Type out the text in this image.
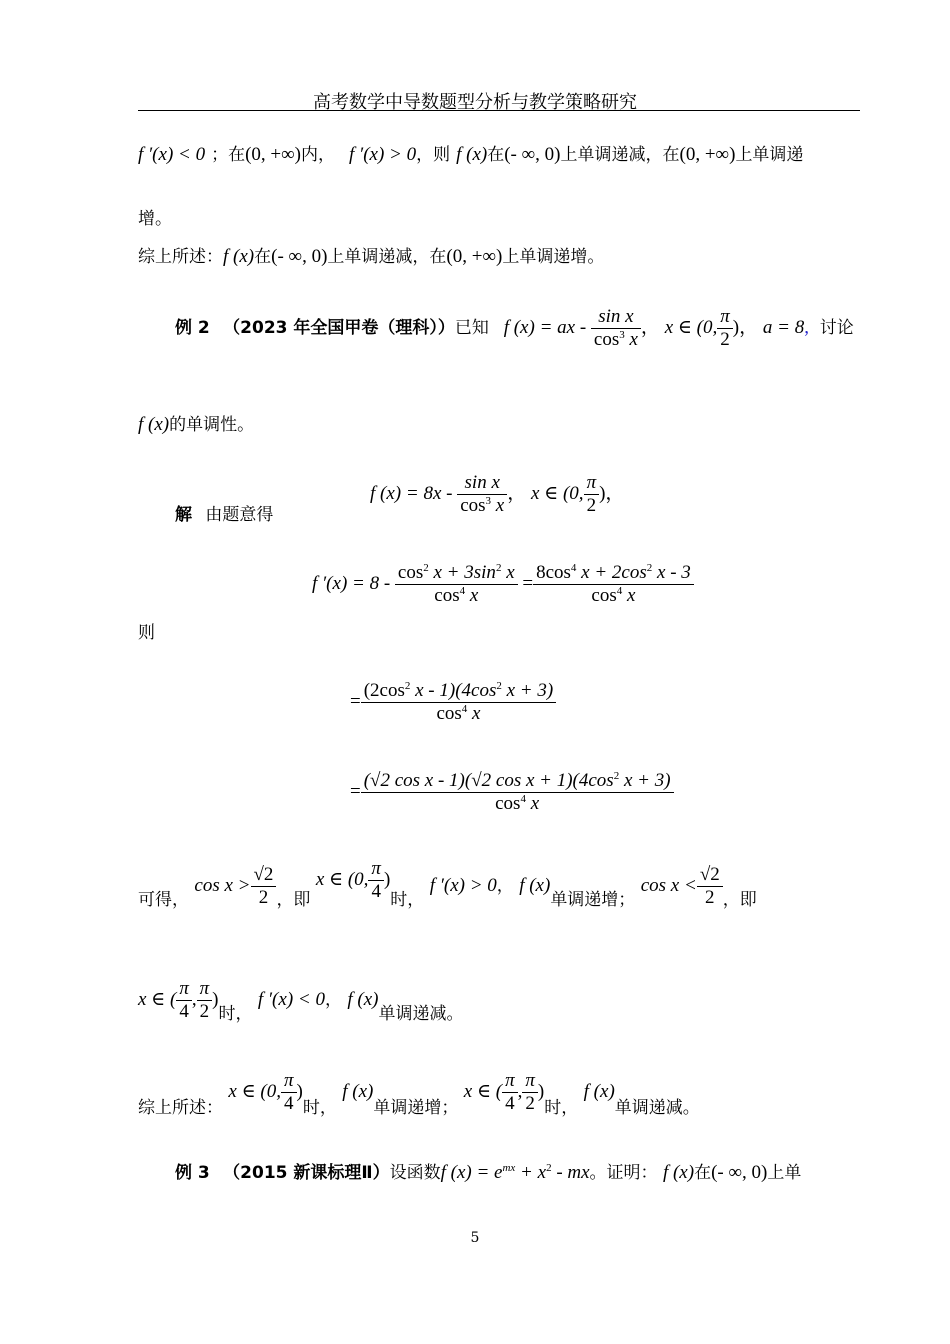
高考数学中导数题型分析与教学策略研究
f ′(x) < 0 ；在(0, +∞)内， f ′(x) > 0，则 f (x)在(- ∞, 0)上单调递减，在(0, +∞)上单调递
增。
综上所述：f (x)在(- ∞, 0)上单调递减，在(0, +∞)上单调递增。
例 2 （2023 年全国甲卷（理科））已知 f (x) = ax - $\frac{\text{sin x}}{\cos^3 x}$ ， x ∈ (0, $\frac{\pi}{2}$ )， a = 8, 讨论
f (x)的单调性。
解 由题意得
f $(x) = 8x - \frac{\text{sin x}}{\cos^3 x}$ ， x ∈ (0, $\frac{\pi}{2}$ )，
f $'(x) = 8 - \frac{\cos^2 x + 3\sin^2 x}{\cos^4 x} = \frac{8\cos^4 x + 2\cos^2 x - 3}{\cos^4 x}$
则
= $\frac{(2\cos^2 x - 1)(4\cos^2 x + 3)}{\cos^4 x}$
= $\frac{(√2 \cos x - 1)(√2 \cos x + 1)(4\cos^2 x + 3)}{\cos^4 x}$
可得， $\cos x > \frac{√2}{2}$ ，即 x ∈ (0, $\frac{\pi}{4}$ )时， f ′(x) > 0， f (x)单调递增； $\cos x < \frac{√2}{2}$ ，即
x ∈ ( $\frac{\pi}{4}$ , $\frac{\pi}{2}$ )时， f ′(x) < 0， f (x)单调递减。
综上所述： x ∈ (0, $\frac{\pi}{4}$ )时， f (x)单调递增； x ∈ ( $\frac{\pi}{4}$ , $\frac{\pi}{2}$ )时， f (x)单调递减。
例 3 （2015 新课标理Ⅱ）设函数f $(x) = e^{mx} + x^2$ - mx。证明： f (x)在(- ∞, 0)上单
5
